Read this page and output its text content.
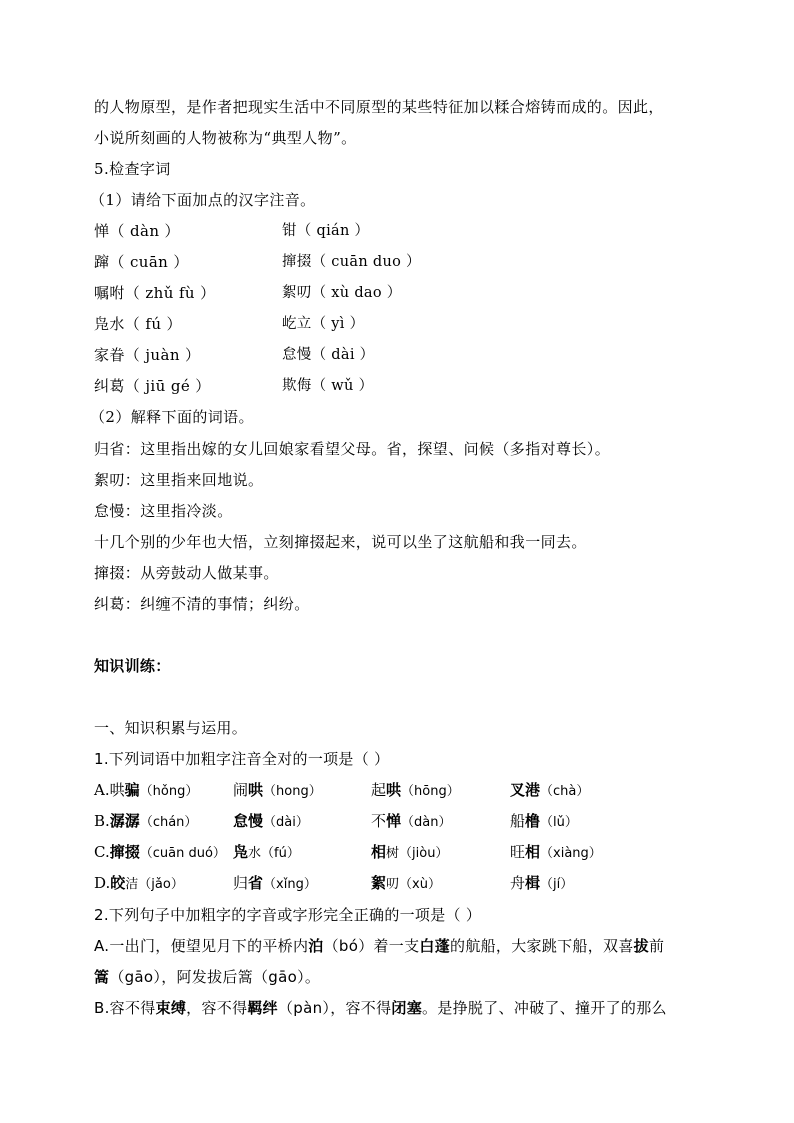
的人物原型，是作者把现实生活中不同原型的某些特征加以糅合熔铸而成的。因此，
小说所刻画的人物被称为“典型人物”。
5.检查字词
（1）请给下面加点的汉字注音。
惮（ dàn ）	钳（ qián ）
蹿（ cuān ）	撺掇（ cuān duo ）
嘱咐（ zhǔ fù ）	絮叨（ xù dao ）
凫水（ fú ）	屹立（ yì ）
家眷（ juàn ）	怠慢（ dài ）
纠葛（ jiū gé ）	欺侮（ wǔ ）
（2）解释下面的词语。
归省：这里指出嫁的女儿回娘家看望父母。省，探望、问候（多指对尊长）。
絮叨：这里指来回地说。
怠慢：这里指冷淡。
十几个别的少年也大悟，立刻撺掇起来，说可以坐了这航船和我一同去。
撺掇：从旁鼓动人做某事。
纠葛：纠缠不清的事情；纠纷。
知识训练：
一、知识积累与运用。
1.下列词语中加粗字注音全对的一项是（ ）
A.哄骗（hǒng） 闹哄（hong）	起哄（hōng）	叉港（chà）
B.潺潺（chán） 怠慢（dài）	不惮（dàn）	船橹（lǔ）
C.撺掇（cuān duó） 凫水（fú）	相树（jiòu）	旺相（xiàng）
D.皎洁（jǎo）	归省（xǐng）	絮叨（xù）	舟楫（jí）
2.下列句子中加粗字的字音或字形完全正确的一项是（ ）
A.一出门，便望见月下的平桥内泊（bó）着一支白蓬的航船，大家跳下船，双喜拔前
篙（gāo），阿发拔后篙（gāo）。
B.容不得束缚，容不得羁绊（pàn），容不得闭塞。是挣脱了、冲破了、撞开了的那么
